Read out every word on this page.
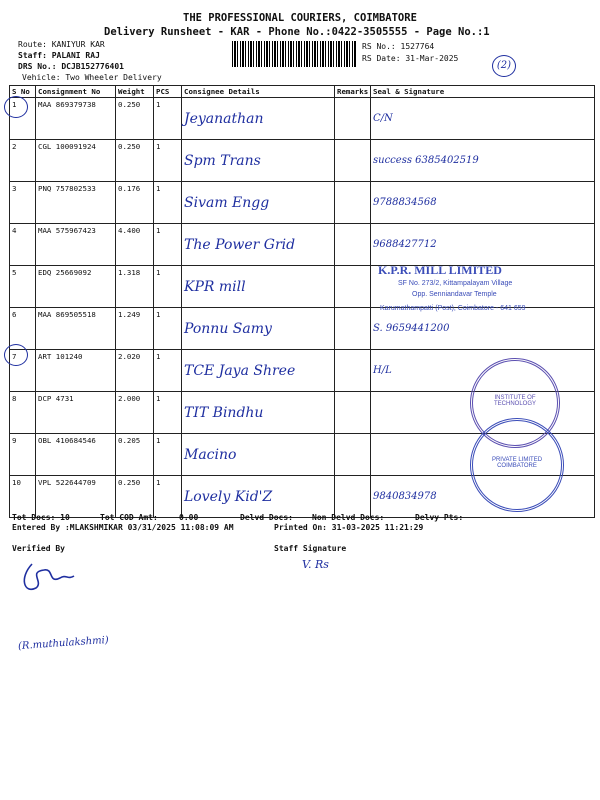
THE PROFESSIONAL COURIERS, COIMBATORE
Delivery Runsheet - KAR - Phone No.:0422-3505555 - Page No.:1
Route: KANIYUR KAR
Staff: PALANI RAJ
DRS No.: DCJB152776401
Vehicle: Two Wheeler Delivery
RS No.: 1527764
RS Date: 31-Mar-2025
(2)
S No	Consignment No	Weight	PCS	Consignee Details	Remarks	Seal & Signature
1	MAA 869379738	0.250	1	Jeyanathan		C/N
2	CGL 100091924	0.250	1	Spm Trans		success 6385402519
3	PNQ 757802533	0.176	1	Sivam Engg		9788834568
4	MAA 575967423	4.400	1	The Power Grid		9688427712
5	EDQ 25669092	1.318	1	KPR mill		
6	MAA 869505518	1.249	1	Ponnu Samy		S. 9659441200
7	ART 101240	2.020	1	TCE Jaya Shree		H/L
8	DCP 4731	2.000	1	TIT Bindhu		
9	OBL 410684546	0.205	1	Macino		
10	VPL 522644709	0.250	1	Lovely Kid'Z		9840834978
K.P.R. MILL LIMITED
SF No. 273/2, Kittampalayam Village
Opp. Senniandavar Temple
Karumathampatti (Post), Coimbatore - 641 659
INSTITUTE OF TECHNOLOGY
PRIVATE LIMITED COIMBATORE
Tot Docs: 10	Tot COD Amt:	0.00	Delvd Docs: Non Delvd Docs:	Delvy Pts:
Entered By :MLAKSHMIKAR 03/31/2025 11:08:09 AM	Printed On: 31-03-2025 11:21:29
Verified By	Staff Signature
(R.muthulakshmi)
V. Rs
